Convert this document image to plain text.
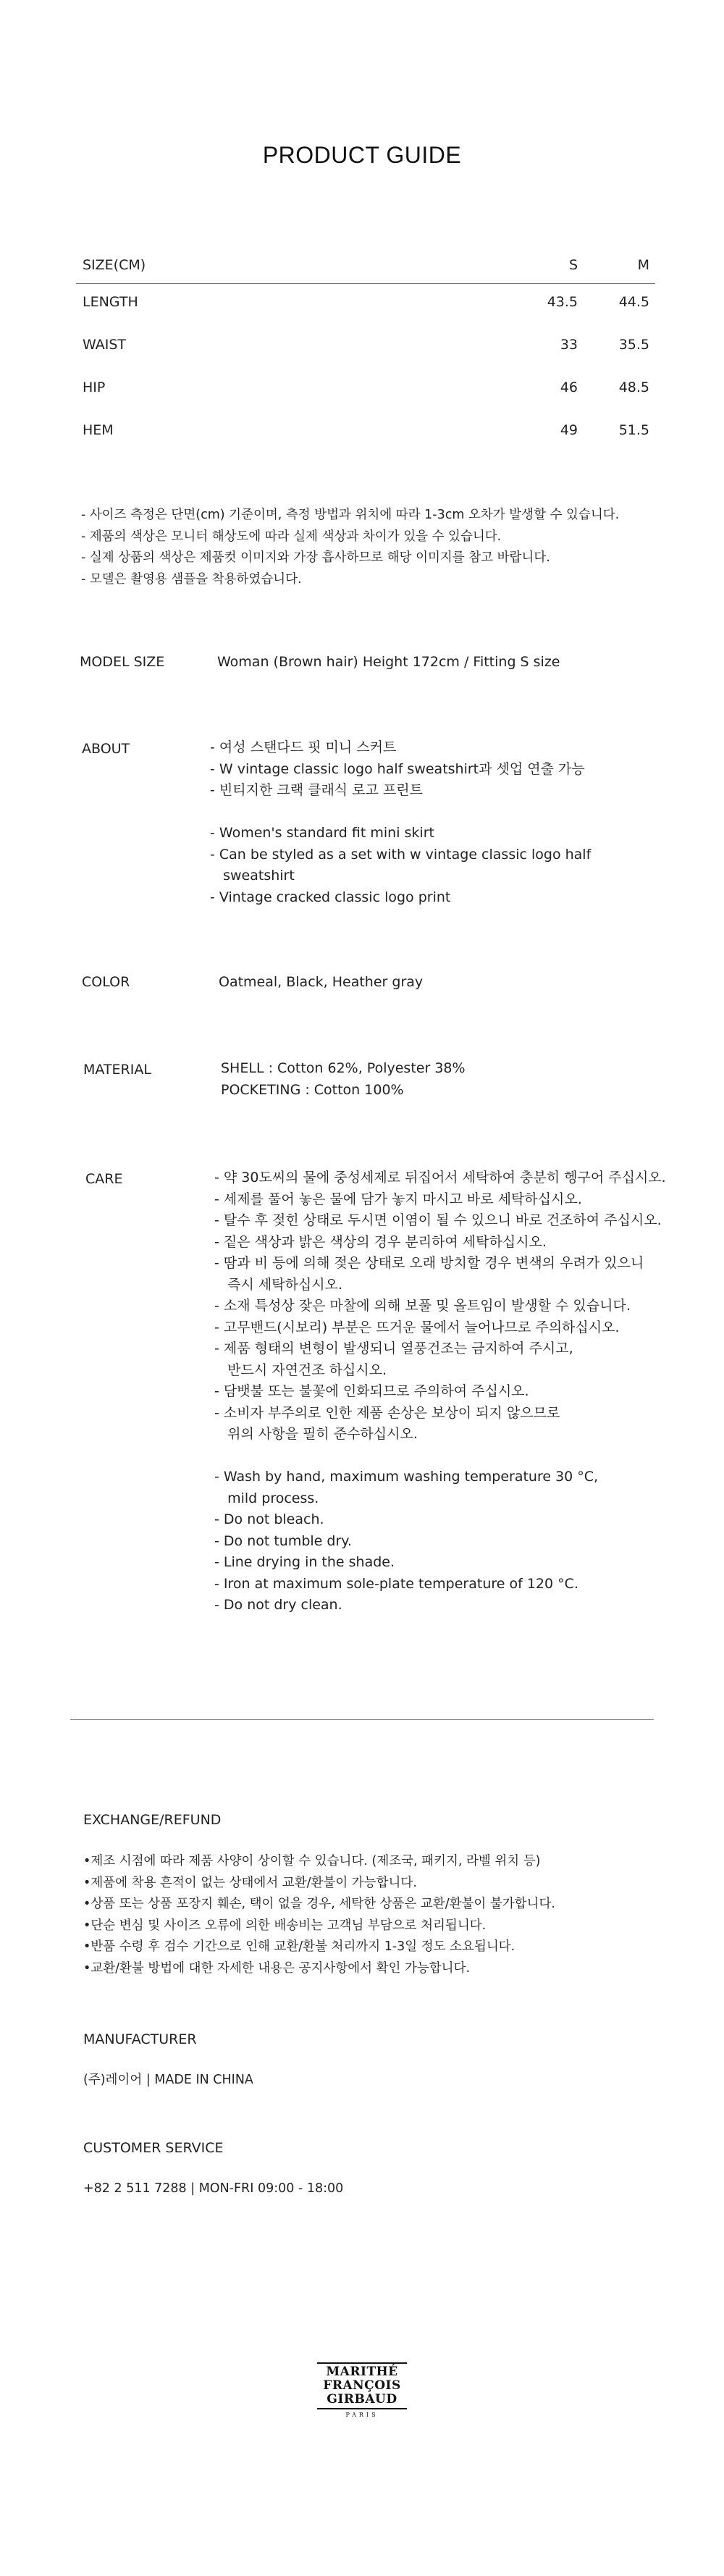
PRODUCT GUIDE
SIZE(CM)	S	M
LENGTH	43.5	44.5
WAIST	33	35.5
HIP	46	48.5
HEM	49	51.5
- 사이즈 측정은 단면(cm) 기준이며, 측정 방법과 위치에 따라 1-3cm 오차가 발생할 수 있습니다.
- 제품의 색상은 모니터 해상도에 따라 실제 색상과 차이가 있을 수 있습니다.
- 실제 상품의 색상은 제품컷 이미지와 가장 흡사하므로 해당 이미지를 참고 바랍니다.
- 모델은 촬영용 샘플을 착용하였습니다.
MODEL SIZE	Woman (Brown hair) Height 172cm / Fitting S size
ABOUT	- 여성 스탠다드 핏 미니 스커트
- W vintage classic logo half sweatshirt과 셋업 연출 가능
- 빈티지한 크랙 클래식 로고 프린트
- Women's standard fit mini skirt
- Can be styled as a set with w vintage classic logo half
sweatshirt
- Vintage cracked classic logo print
COLOR	Oatmeal, Black, Heather gray
MATERIAL	SHELL : Cotton 62%, Polyester 38%
POCKETING : Cotton 100%
CARE	- 약 30도씨의 물에 중성세제로 뒤집어서 세탁하여 충분히 헹구어 주십시오.
- 세제를 풀어 놓은 물에 담가 놓지 마시고 바로 세탁하십시오.
- 탈수 후 젖힌 상태로 두시면 이염이 될 수 있으니 바로 건조하여 주십시오.
- 짙은 색상과 밝은 색상의 경우 분리하여 세탁하십시오.
- 땀과 비 등에 의해 젖은 상태로 오래 방치할 경우 변색의 우려가 있으니
즉시 세탁하십시오.
- 소재 특성상 잦은 마찰에 의해 보풀 및 올트임이 발생할 수 있습니다.
- 고무밴드(시보리) 부분은 뜨거운 물에서 늘어나므로 주의하십시오.
- 제품 형태의 변형이 발생되니 열풍건조는 금지하여 주시고,
반드시 자연건조 하십시오.
- 담뱃불 또는 불꽃에 인화되므로 주의하여 주십시오.
- 소비자 부주의로 인한 제품 손상은 보상이 되지 않으므로
위의 사항을 필히 준수하십시오.
- Wash by hand, maximum washing temperature 30 °C,
mild process.
- Do not bleach.
- Do not tumble dry.
- Line drying in the shade.
- Iron at maximum sole-plate temperature of 120 °C.
- Do not dry clean.
EXCHANGE/REFUND
•제조 시점에 따라 제품 사양이 상이할 수 있습니다. (제조국, 패키지, 라벨 위치 등)
•제품에 착용 흔적이 없는 상태에서 교환/환불이 가능합니다.
•상품 또는 상품 포장지 훼손, 택이 없을 경우, 세탁한 상품은 교환/환불이 불가합니다.
•단순 변심 및 사이즈 오류에 의한 배송비는 고객님 부담으로 처리됩니다.
•반품 수령 후 검수 기간으로 인해 교환/환불 처리까지 1-3일 정도 소요됩니다.
•교환/환불 방법에 대한 자세한 내용은 공지사항에서 확인 가능합니다.
MANUFACTURER
(주)레이어 | MADE IN CHINA
CUSTOMER SERVICE
+82 2 511 7288 | MON-FRI 09:00 - 18:00
MARITHÉ
FRANÇOIS
GIRBAUD
PARIS
